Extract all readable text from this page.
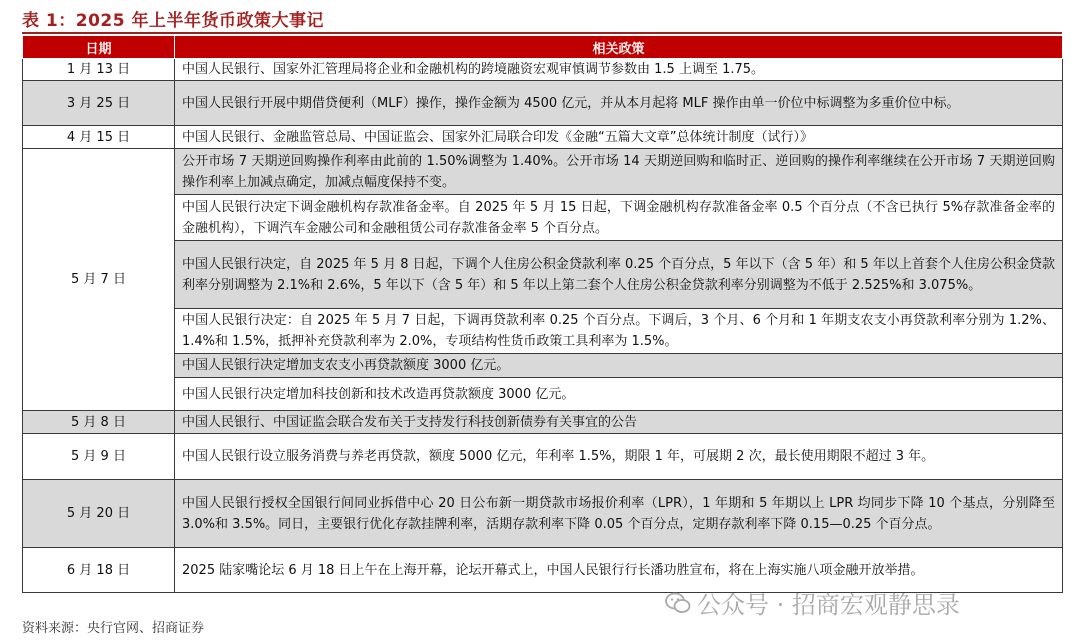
表 1：2025 年上半年货币政策大事记
日期	相关政策
1 月 13 日	中国人民银行、国家外汇管理局将企业和金融机构的跨境融资宏观审慎调节参数由 1.5 上调至 1.75。
3 月 25 日	中国人民银行开展中期借贷便利（MLF）操作，操作金额为 4500 亿元，并从本月起将 MLF 操作由单一价位中标调整为多重价位中标。
4 月 15 日	中国人民银行、金融监管总局、中国证监会、国家外汇局联合印发《金融“五篇大文章”总体统计制度（试行）》
5 月 7 日	公开市场 7 天期逆回购操作利率由此前的 1.50%调整为 1.40%。公开市场 14 天期逆回购和临时正、逆回购的操作利率继续在公开市场 7 天期逆回购操作利率上加减点确定，加减点幅度保持不变。
	中国人民银行决定下调金融机构存款准备金率。自 2025 年 5 月 15 日起，下调金融机构存款准备金率 0.5 个百分点（不含已执行 5%存款准备金率的金融机构），下调汽车金融公司和金融租赁公司存款准备金率 5 个百分点。
	中国人民银行决定，自 2025 年 5 月 8 日起，下调个人住房公积金贷款利率 0.25 个百分点，5 年以下（含 5 年）和 5 年以上首套个人住房公积金贷款利率分别调整为 2.1%和 2.6%，5 年以下（含 5 年）和 5 年以上第二套个人住房公积金贷款利率分别调整为不低于 2.525%和 3.075%。
	中国人民银行决定：自 2025 年 5 月 7 日起，下调再贷款利率 0.25 个百分点。下调后，3 个月、6 个月和 1 年期支农支小再贷款利率分别为 1.2%、1.4%和 1.5%，抵押补充贷款利率为 2.0%，专项结构性货币政策工具利率为 1.5%。
	中国人民银行决定增加支农支小再贷款额度 3000 亿元。
	中国人民银行决定增加科技创新和技术改造再贷款额度 3000 亿元。
5 月 8 日	中国人民银行、中国证监会联合发布关于支持发行科技创新债券有关事宜的公告
5 月 9 日	中国人民银行设立服务消费与养老再贷款，额度 5000 亿元，年利率 1.5%，期限 1 年，可展期 2 次，最长使用期限不超过 3 年。
5 月 20 日	中国人民银行授权全国银行间同业拆借中心 20 日公布新一期贷款市场报价利率（LPR），1 年期和 5 年期以上 LPR 均同步下降 10 个基点，分别降至 3.0%和 3.5%。同日，主要银行优化存款挂牌利率，活期存款利率下降 0.05 个百分点，定期存款利率下降 0.15—0.25 个百分点。
6 月 18 日	2025 陆家嘴论坛 6 月 18 日上午在上海开幕，论坛开幕式上，中国人民银行行长潘功胜宣布，将在上海实施八项金融开放举措。
公众号 · 招商宏观静思录
资料来源：央行官网、招商证券
